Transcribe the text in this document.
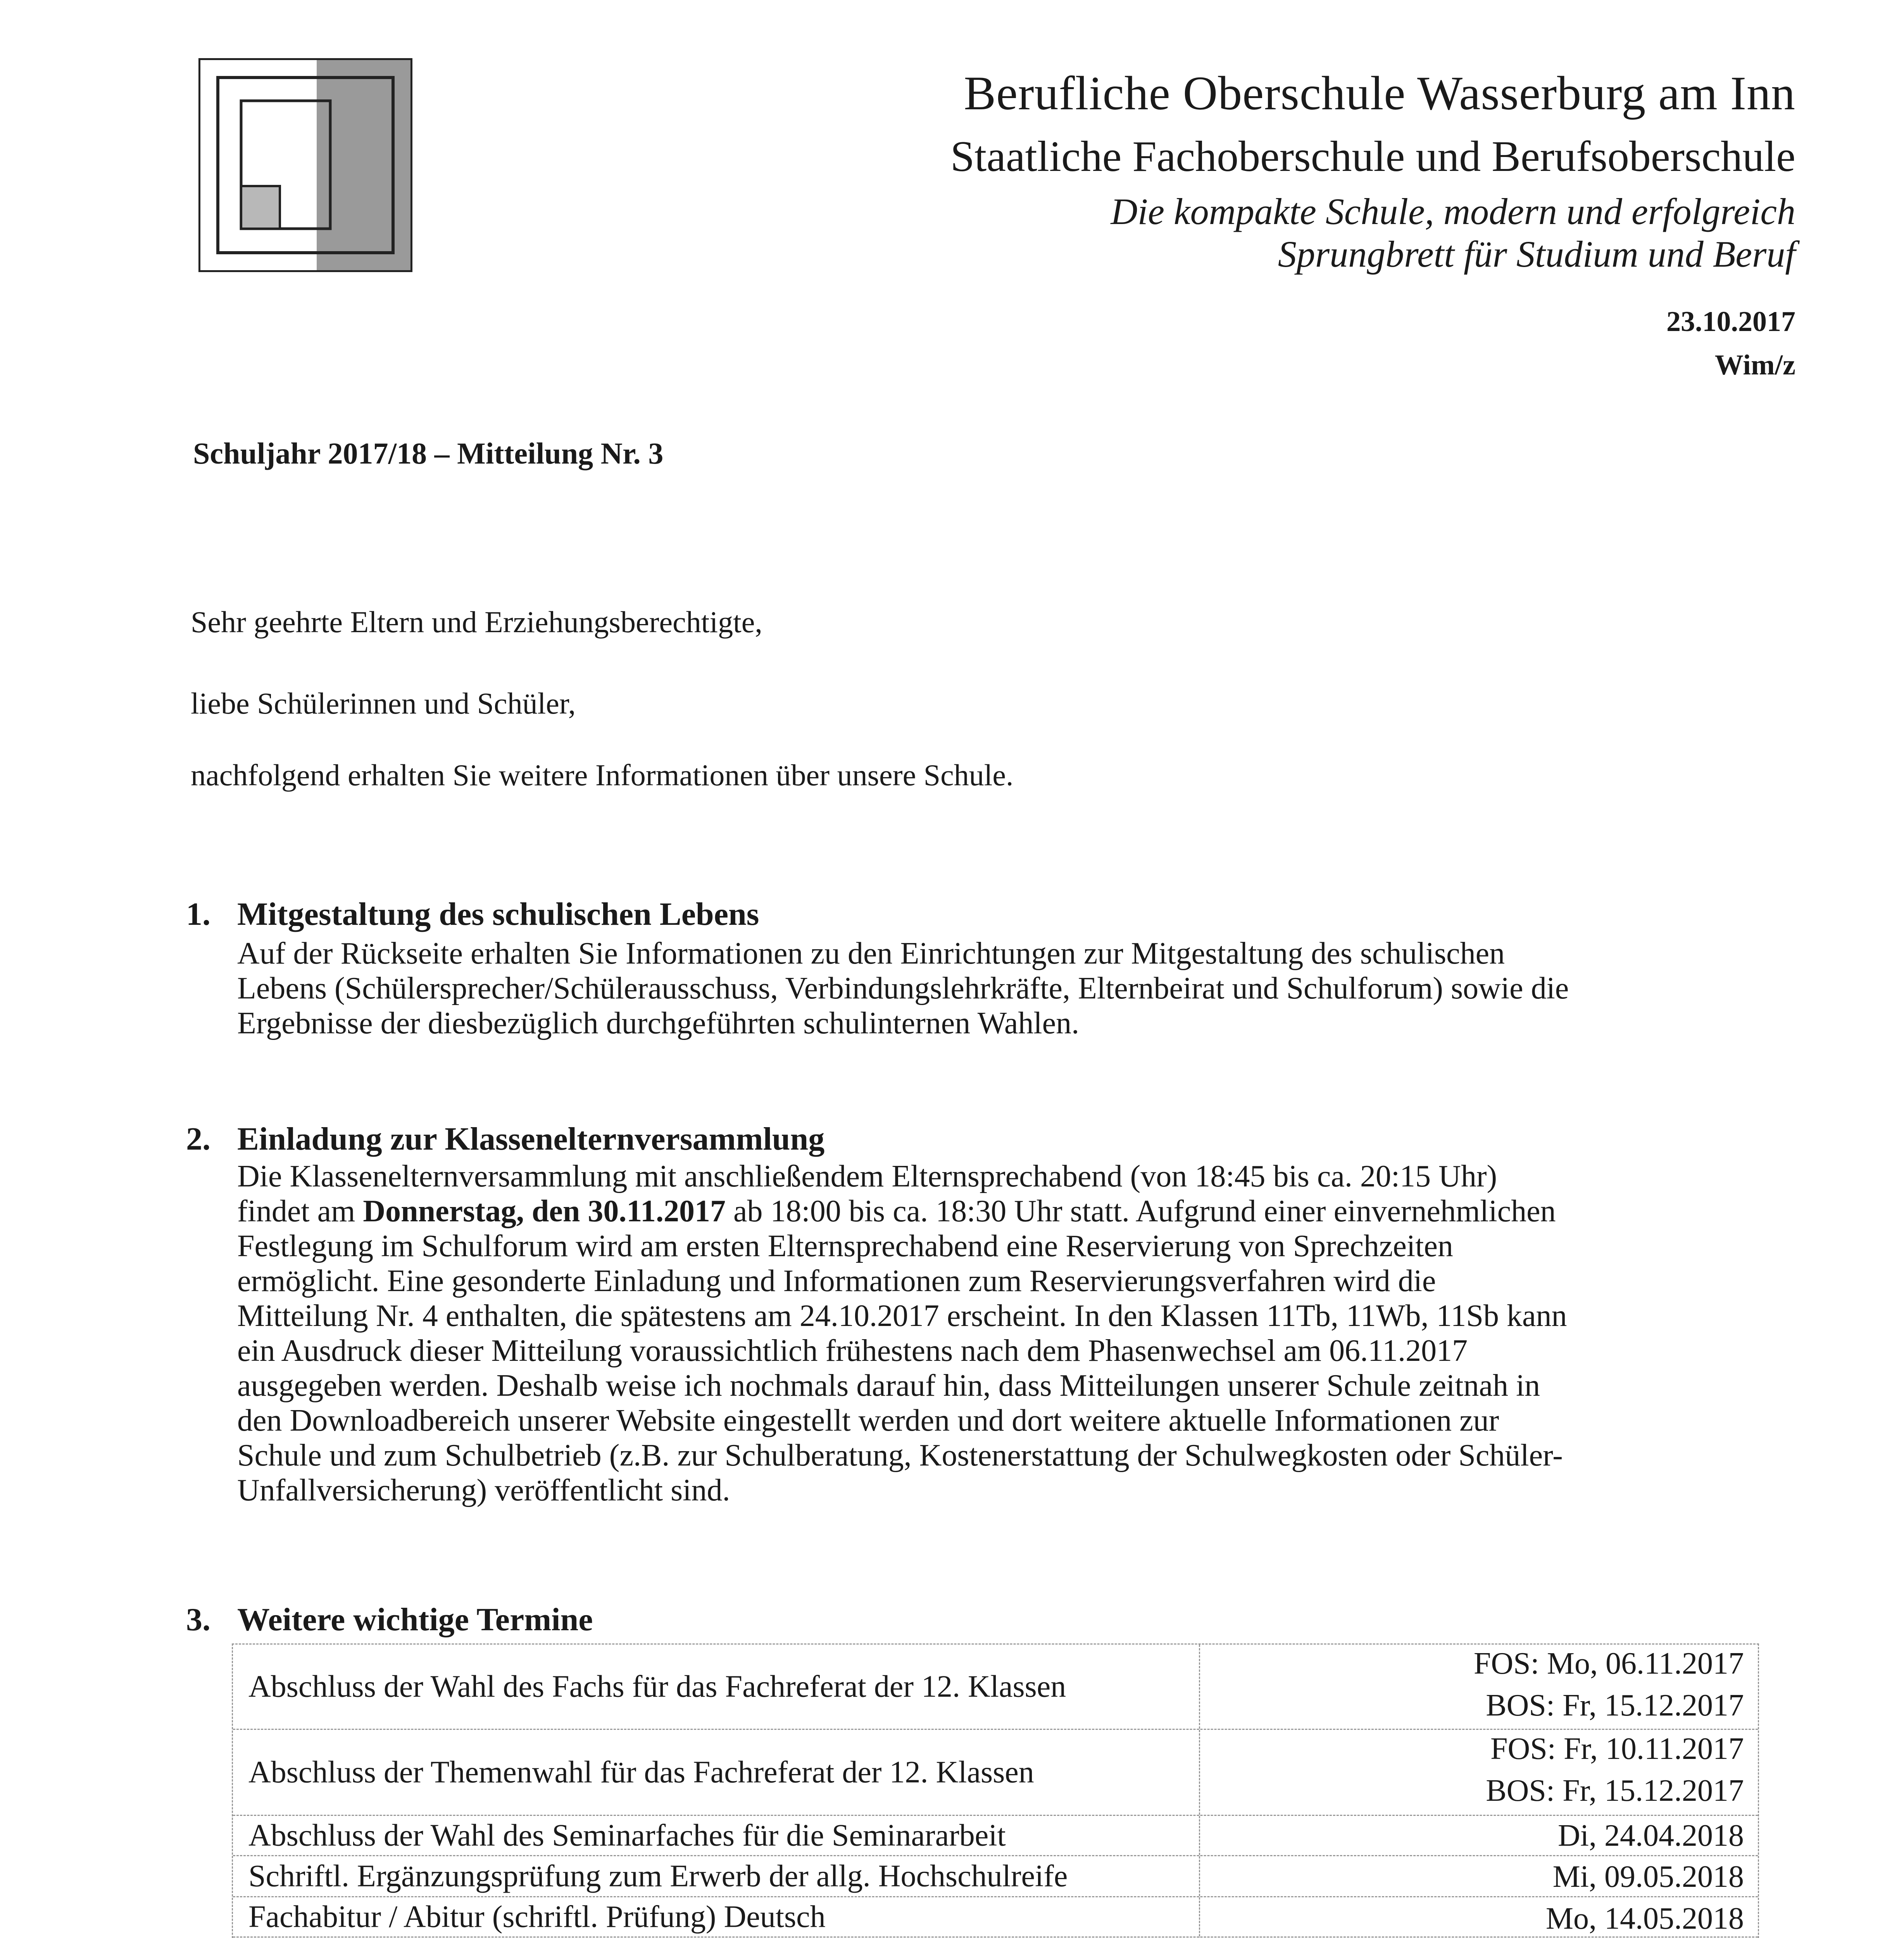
Berufliche Oberschule Wasserburg am Inn
Staatliche Fachoberschule und Berufsoberschule
Die kompakte Schule, modern und erfolgreich
Sprungbrett für Studium und Beruf
23.10.2017
Wim/z
Schuljahr 2017/18 – Mitteilung Nr. 3
Sehr geehrte Eltern und Erziehungsberechtigte,
liebe Schülerinnen und Schüler,
nachfolgend erhalten Sie weitere Informationen über unsere Schule.
1. Mitgestaltung des schulischen Lebens
Auf der Rückseite erhalten Sie Informationen zu den Einrichtungen zur Mitgestaltung des schulischen
Lebens (Schülersprecher/Schülerausschuss, Verbindungslehrkräfte, Elternbeirat und Schulforum) sowie die
Ergebnisse der diesbezüglich durchgeführten schulinternen Wahlen.
2. Einladung zur Klassenelternversammlung
Die Klassenelternversammlung mit anschließendem Elternsprechabend (von 18:45 bis ca. 20:15 Uhr)
findet am Donnerstag, den 30.11.2017 ab 18:00 bis ca. 18:30 Uhr statt. Aufgrund einer einvernehmlichen
Festlegung im Schulforum wird am ersten Elternsprechabend eine Reservierung von Sprechzeiten
ermöglicht. Eine gesonderte Einladung und Informationen zum Reservierungsverfahren wird die
Mitteilung Nr. 4 enthalten, die spätestens am 24.10.2017 erscheint. In den Klassen 11Tb, 11Wb, 11Sb kann
ein Ausdruck dieser Mitteilung voraussichtlich frühestens nach dem Phasenwechsel am 06.11.2017
ausgegeben werden. Deshalb weise ich nochmals darauf hin, dass Mitteilungen unserer Schule zeitnah in
den Downloadbereich unserer Website eingestellt werden und dort weitere aktuelle Informationen zur
Schule und zum Schulbetrieb (z.B. zur Schulberatung, Kostenerstattung der Schulwegkosten oder Schüler-
Unfallversicherung) veröffentlicht sind.
3. Weitere wichtige Termine
Abschluss der Wahl des Fachs für das Fachreferat der 12. Klassen
FOS: Mo, 06.11.2017
BOS: Fr, 15.12.2017
Abschluss der Themenwahl für das Fachreferat der 12. Klassen
FOS: Fr, 10.11.2017
BOS: Fr, 15.12.2017
Abschluss der Wahl des Seminarfaches für die Seminararbeit	Di, 24.04.2018
Schriftl. Ergänzungsprüfung zum Erwerb der allg. Hochschulreife	Mi, 09.05.2018
Fachabitur / Abitur (schriftl. Prüfung) Deutsch	Mo, 14.05.2018
